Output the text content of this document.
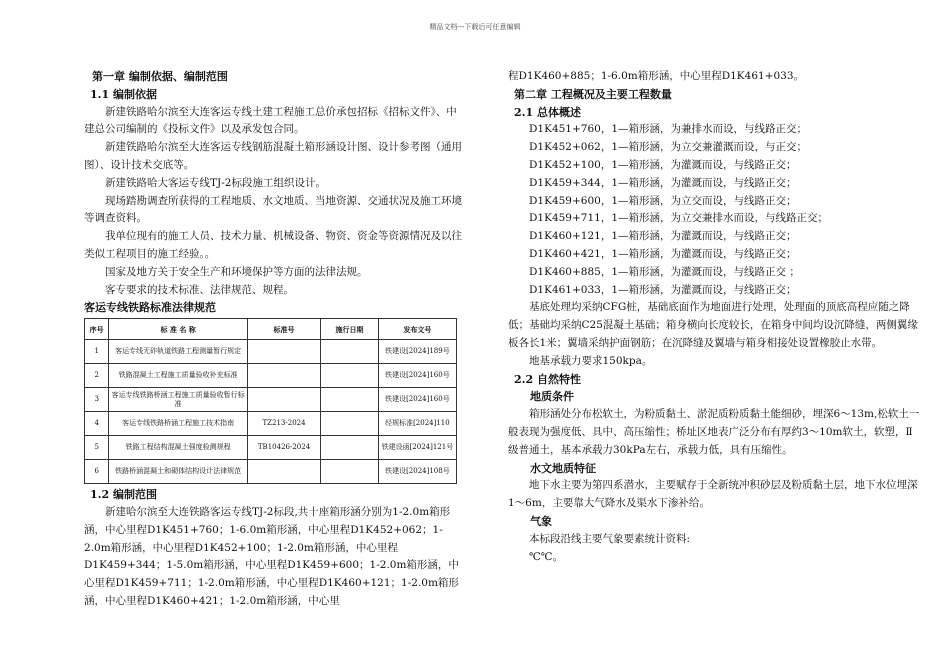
精品文档---下载后可任意编辑

第一章 编制依据、编制范围

1.1 编制依据

新建铁路哈尔滨至大连客运专线土建工程施工总价承包招标《招标文件》、中建总公司编制的《投标文件》以及承发包合同。

新建铁路哈尔滨至大连客运专线钢筋混凝土箱形涵设计图、设计参考图（通用图）、设计技术交底等。

新建铁路哈大客运专线TJ-2标段施工组织设计。

现场踏勘调查所获得的工程地质、水文地质、当地资源、交通状况及施工环境等调查资料。

我单位现有的施工人员、技术力量、机械设备、物资、资金等资源情况及以往类似工程项目的施工经验。。

国家及地方关于安全生产和环境保护等方面的法律法规。

客专要求的技术标准、法律规范、规程。

客运专线铁路标准法律规范

序号	标 准 名 称	标准号	施行日期	发布文号
1	客运专线无砟轨道铁路工程测量暂行规定			铁建设[2024]189号
2	铁路混凝土工程施工质量验收补充标准			铁建设[2024]160号
3	客运专线铁路桥涵工程施工质量验收暂行标准			铁建设[2024]160号
4	客运专线铁路桥涵工程施工技术指南	TZ213-2024		经规标准[2024]110
5	铁路工程结构混凝土强度检测规程	TB10426-2024		铁建设函[2024]121号
6	铁路桥涵混凝土和砌体结构设计法律规范			铁建设[2024]108号

1.2 编制范围

新建哈尔滨至大连铁路客运专线TJ-2标段,共十座箱形涵分别为1-2.0m箱形涵，中心里程D1K451+760；1-6.0m箱形涵，中心里程D1K452+062；1-2.0m箱形涵，中心里程D1K452+100；1-2.0m箱形涵，中心里程D1K459+344；1-5.0m箱形涵，中心里程D1K459+600；1-2.0m箱形涵，中心里程D1K459+711；1-2.0m箱形涵，中心里程D1K460+121；1-2.0m箱形涵，中心里程D1K460+421；1-2.0m箱形涵，中心里

程D1K460+885；1-6.0m箱形涵，中心里程D1K461+033。

第二章 工程概况及主要工程数量

2.1 总体概述

D1K451+760，1—箱形涵，为兼排水而设，与线路正交；

D1K452+062，1—箱形涵，为立交兼灌溉而设，与正交；

D1K452+100，1—箱形涵，为灌溉而设，与线路正交；

D1K459+344，1—箱形涵，为灌溉而设，与线路正交；

D1K459+600，1—箱形涵，为立交而设，与线路正交；

D1K459+711，1—箱形涵，为立交兼排水而设，与线路正交；

D1K460+121，1—箱形涵，为灌溉而设，与线路正交；

D1K460+421，1—箱形涵，为灌溉而设，与线路正交；

D1K460+885，1—箱形涵，为灌溉而设，与线路正交 ；

D1K461+033，1—箱形涵，为灌溉而设，与线路正交；

基底处理均采纳CFG桩，基础底面作为地面进行处理，处理面的顶底高程应随之降低；基础均采纳C25混凝土基础；箱身横向长度较长，在箱身中间均设沉降缝，两侧翼缘板各长1米；翼墙采纳护面钢筋；在沉降缝及翼墙与箱身相接处设置橡胶止水带。

地基承载力要求150kpa。

2.2 自然特性

地质条件

箱形涵处分布松软土，为粉质黏土、淤泥质粉质黏土能细砂，埋深6～13m,松软土一般表现为强度低、具中、高压缩性；桥址区地表广泛分布有厚约3～10m软土，软塑，Ⅱ级普通土，基本承载力30kPa左右，承载力低，具有压缩性。

水文地质特征

地下水主要为第四系潜水，主要赋存于全新统冲积砂层及粉质黏土层，地下水位埋深1～6m，主要靠大气降水及渠水下渗补给。

气象

本标段沿线主要气象要素统计资料:

℃℃。
